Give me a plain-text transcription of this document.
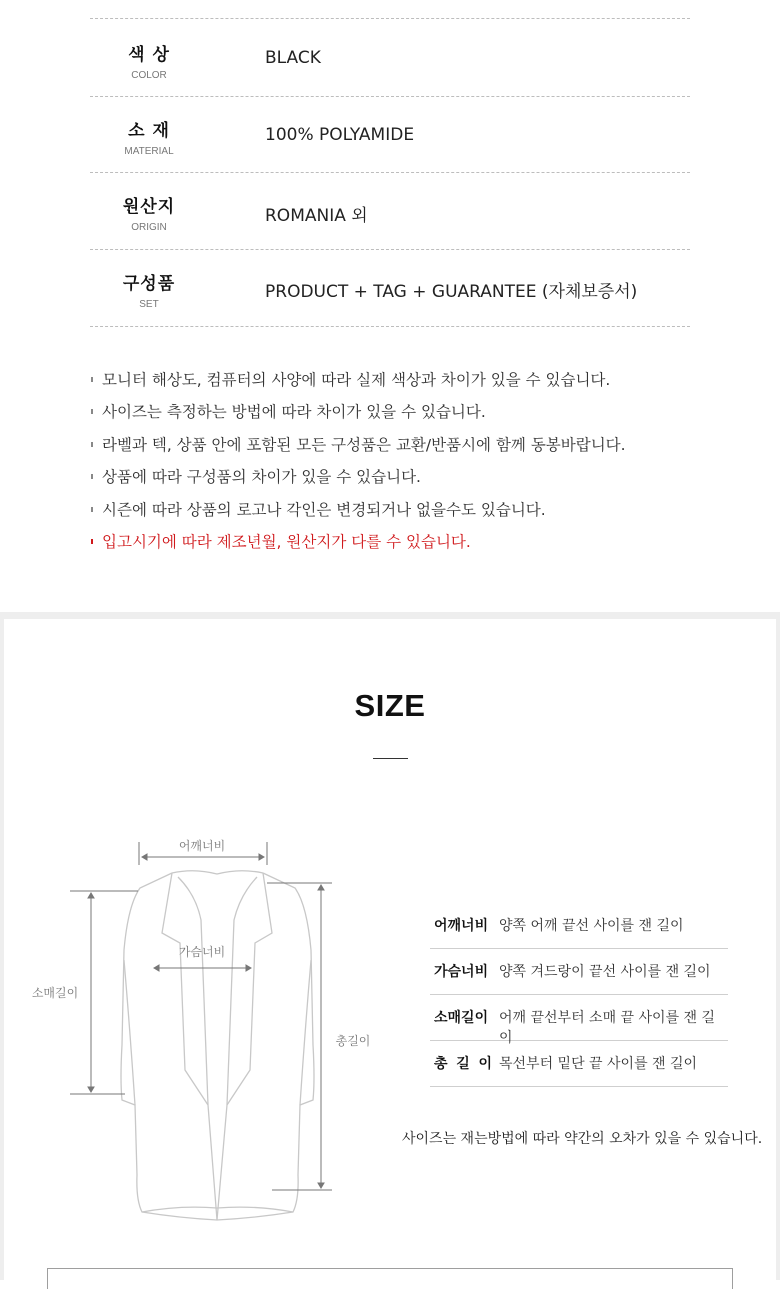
색 상
COLOR
BLACK
소 재
MATERIAL
100% POLYAMIDE
원산지
ORIGIN
ROMANIA 외
구성품
SET
PRODUCT + TAG + GUARANTEE (자체보증서)
모니터 해상도, 컴퓨터의 사양에 따라 실제 색상과 차이가 있을 수 있습니다.
사이즈는 측정하는 방법에 따라 차이가 있을 수 있습니다.
라벨과 텍, 상품 안에 포함된 모든 구성품은 교환/반품시에 함께 동봉바랍니다.
상품에 따라 구성품의 차이가 있을 수 있습니다.
시즌에 따라 상품의 로고나 각인은 변경되거나 없을수도 있습니다.
입고시기에 따라 제조년월, 원산지가 다를 수 있습니다.
SIZE
어깨너비
가슴너비
소매길이
총길이
어깨너비 양쪽 어깨 끝선 사이를 잰 길이
가슴너비 양쪽 겨드랑이 끝선 사이를 잰 길이
소매길이 어깨 끝선부터 소매 끝 사이를 잰 길이
총 길 이 목선부터 밑단 끝 사이를 잰 길이
사이즈는 재는방법에 따라 약간의 오차가 있을 수 있습니다.
